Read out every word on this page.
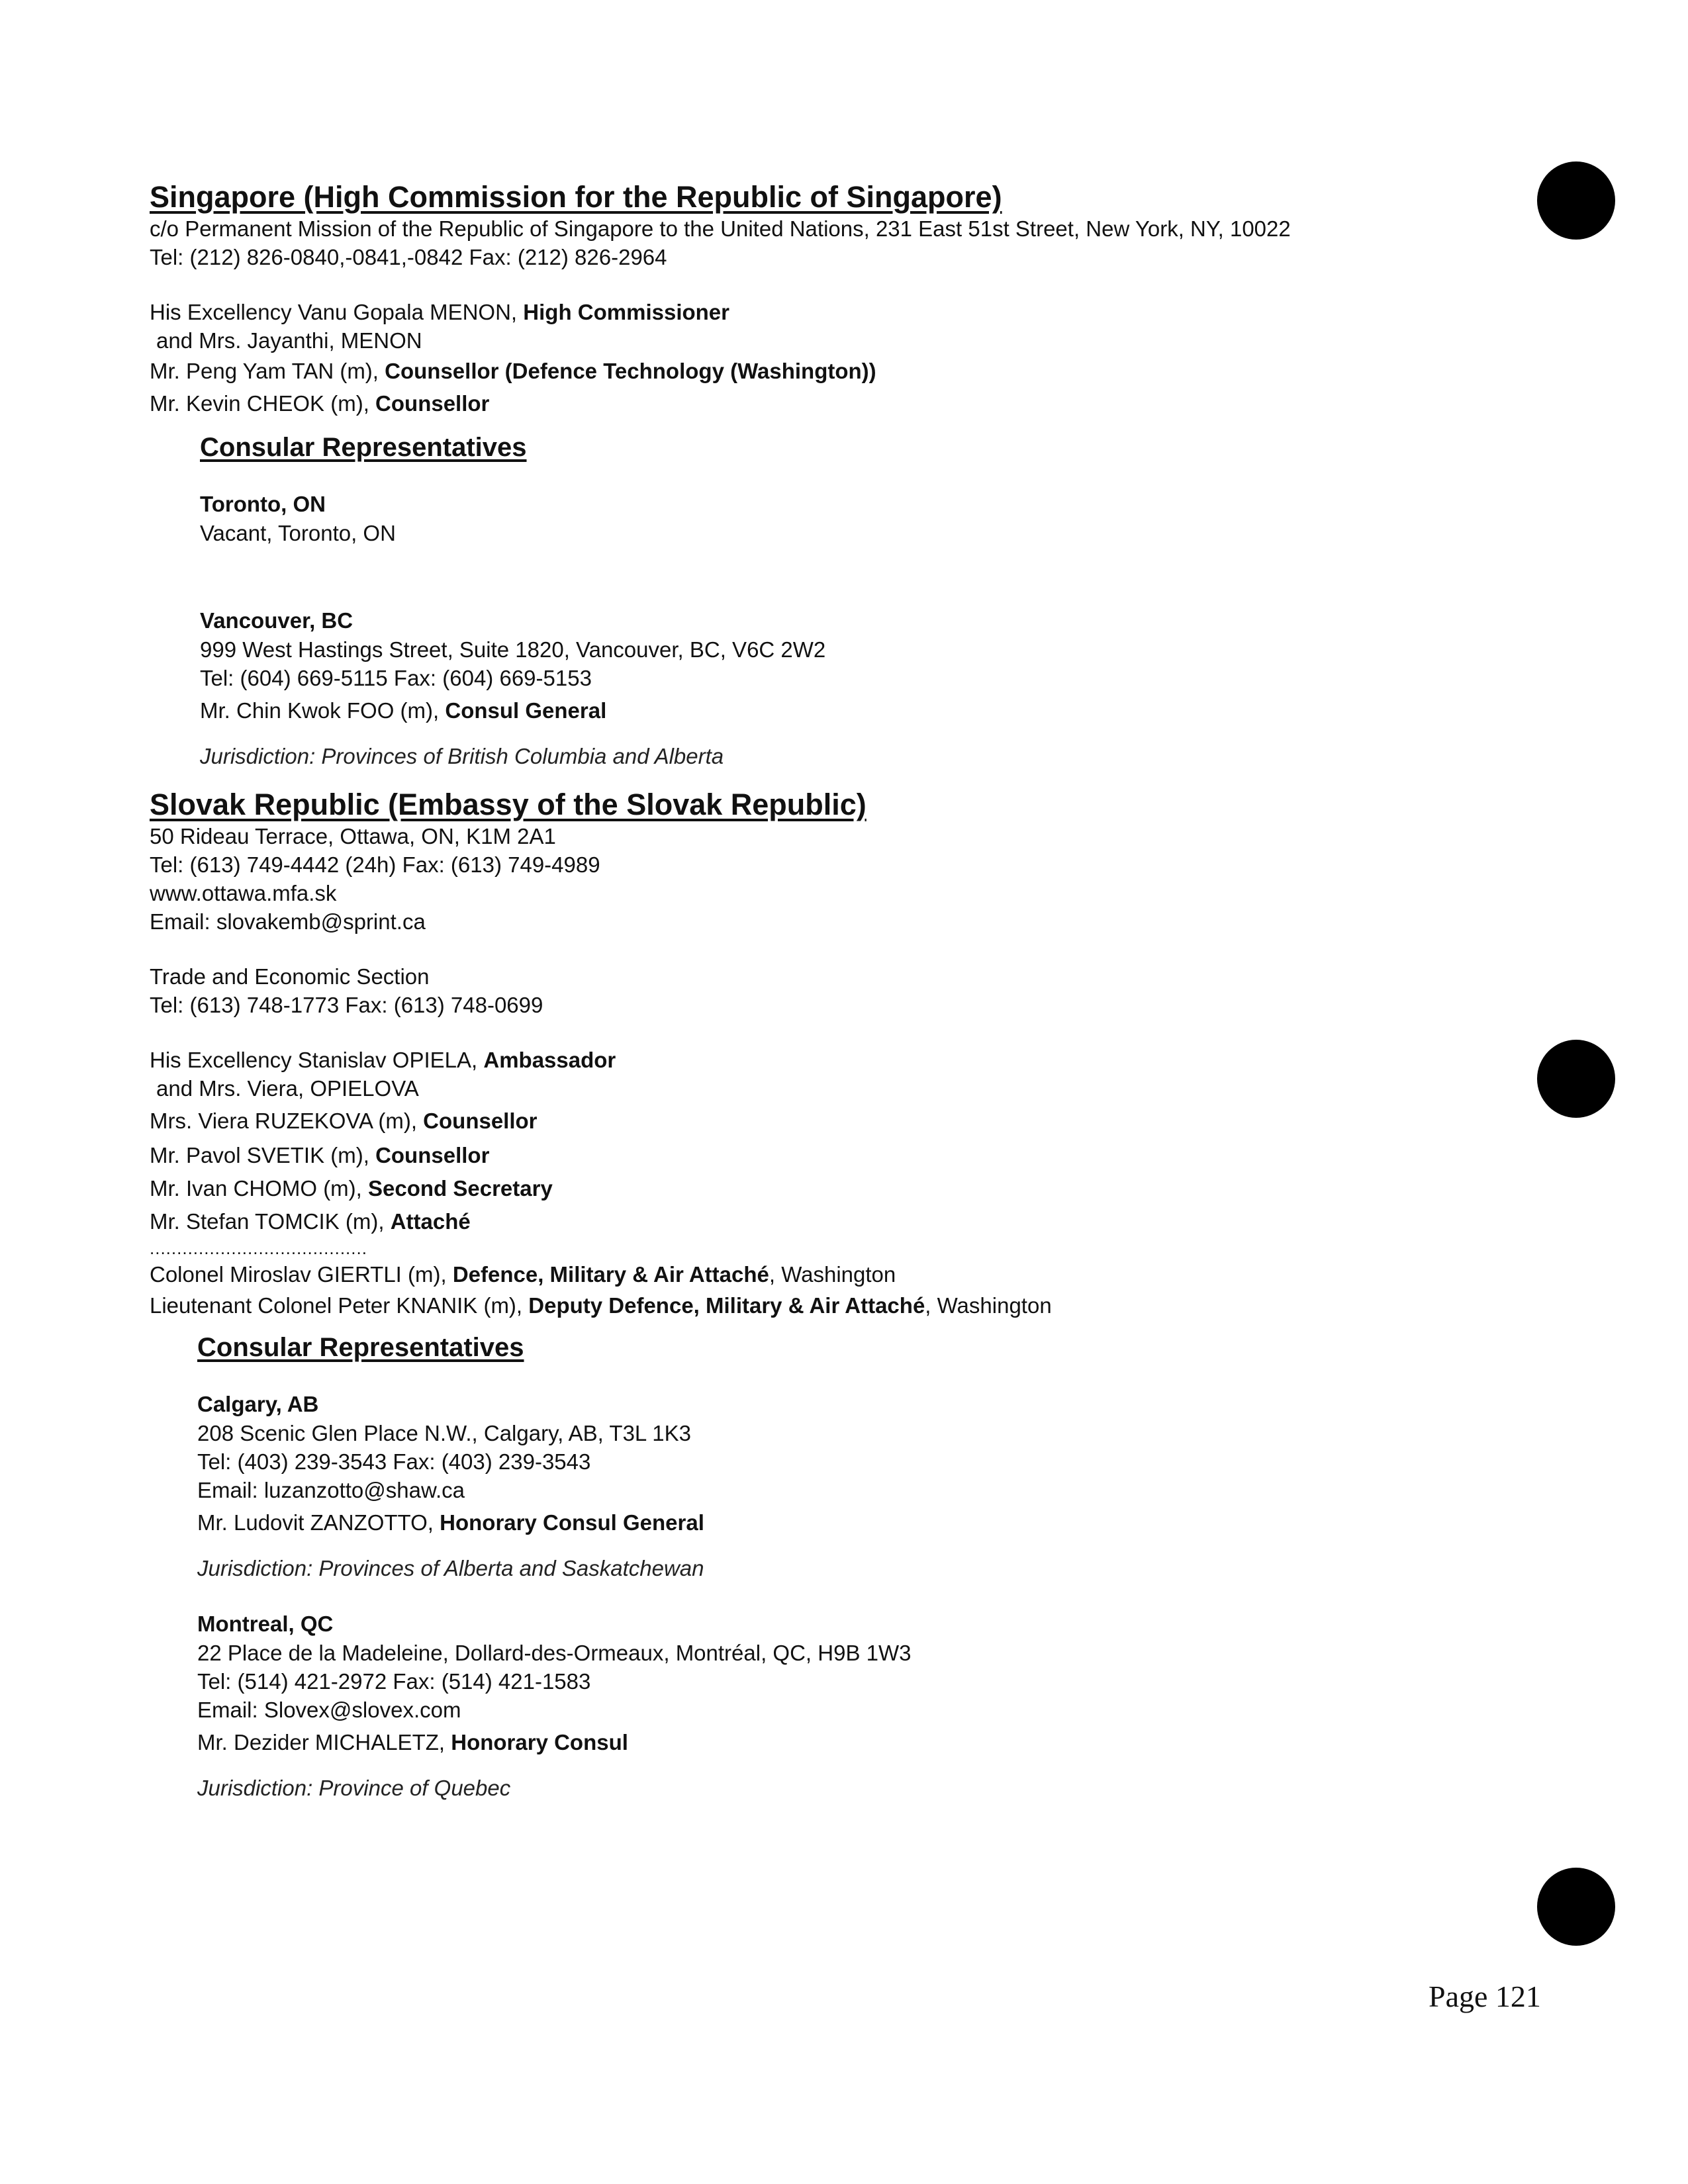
Singapore (High Commission for the Republic of Singapore)
c/o Permanent Mission of the Republic of Singapore to the United Nations, 231 East 51st Street, New York, NY, 10022
Tel: (212) 826-0840,-0841,-0842 Fax: (212) 826-2964
His Excellency Vanu Gopala MENON, High Commissioner
and Mrs. Jayanthi, MENON
Mr. Peng Yam TAN (m), Counsellor (Defence Technology (Washington))
Mr. Kevin CHEOK (m), Counsellor
Consular Representatives
Toronto, ON
Vacant, Toronto, ON
Vancouver, BC
999 West Hastings Street, Suite 1820, Vancouver, BC, V6C 2W2
Tel: (604) 669-5115 Fax: (604) 669-5153
Mr. Chin Kwok FOO (m), Consul General
Jurisdiction: Provinces of British Columbia and Alberta
Slovak Republic (Embassy of the Slovak Republic)
50 Rideau Terrace, Ottawa, ON, K1M 2A1
Tel: (613) 749-4442 (24h) Fax: (613) 749-4989
www.ottawa.mfa.sk
Email: slovakemb@sprint.ca
Trade and Economic Section
Tel: (613) 748-1773 Fax: (613) 748-0699
His Excellency Stanislav OPIELA, Ambassador
and Mrs. Viera, OPIELOVA
Mrs. Viera RUZEKOVA (m), Counsellor
Mr. Pavol SVETIK (m), Counsellor
Mr. Ivan CHOMO (m), Second Secretary
Mr. Stefan TOMCIK (m), Attaché
........................................
Colonel Miroslav GIERTLI (m), Defence, Military & Air Attaché, Washington
Lieutenant Colonel Peter KNANIK (m), Deputy Defence, Military & Air Attaché, Washington
Consular Representatives
Calgary, AB
208 Scenic Glen Place N.W., Calgary, AB, T3L 1K3
Tel: (403) 239-3543 Fax: (403) 239-3543
Email: luzanzotto@shaw.ca
Mr. Ludovit ZANZOTTO, Honorary Consul General
Jurisdiction: Provinces of Alberta and Saskatchewan
Montreal, QC
22 Place de la Madeleine, Dollard-des-Ormeaux, Montréal, QC, H9B 1W3
Tel: (514) 421-2972 Fax: (514) 421-1583
Email: Slovex@slovex.com
Mr. Dezider MICHALETZ, Honorary Consul
Jurisdiction: Province of Quebec
Page 121
